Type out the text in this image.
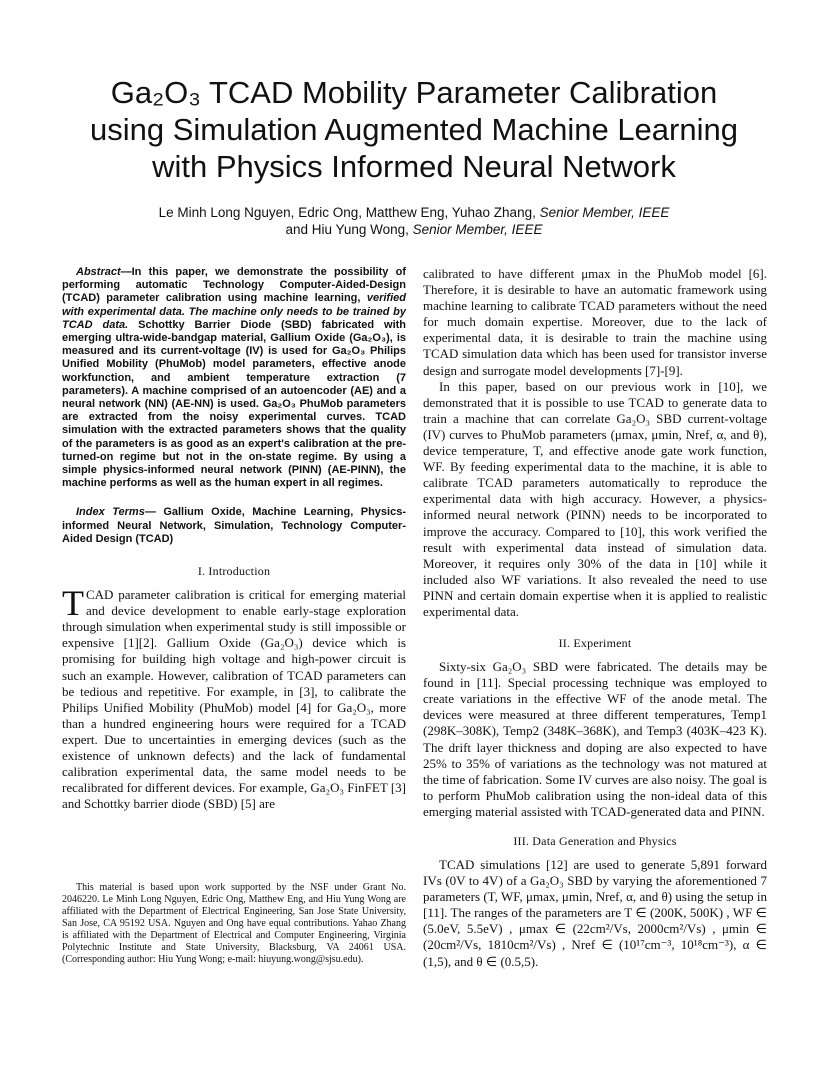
Ga₂O₃ TCAD Mobility Parameter Calibration
using Simulation Augmented Machine Learning
with Physics Informed Neural Network
Le Minh Long Nguyen, Edric Ong, Matthew Eng, Yuhao Zhang, Senior Member, IEEE
and Hiu Yung Wong, Senior Member, IEEE

Abstract—In this paper, we demonstrate the possibility of performing automatic Technology Computer-Aided-Design (TCAD) parameter calibration using machine learning, verified with experimental data. The machine only needs to be trained by TCAD data. Schottky Barrier Diode (SBD) fabricated with emerging ultra-wide-bandgap material, Gallium Oxide (Ga₂O₃), is measured and its current-voltage (IV) is used for Ga₂O₃ Philips Unified Mobility (PhuMob) model parameters, effective anode workfunction, and ambient temperature extraction (7 parameters). A machine comprised of an autoencoder (AE) and a neural network (NN) (AE-NN) is used. Ga₂O₃ PhuMob parameters are extracted from the noisy experimental curves. TCAD simulation with the extracted parameters shows that the quality of the parameters is as good as an expert's calibration at the pre-turned-on regime but not in the on-state regime. By using a simple physics-informed neural network (PINN) (AE-PINN), the machine performs as well as the human expert in all regimes.

Index Terms— Gallium Oxide, Machine Learning, Physics-informed Neural Network, Simulation, Technology Computer-Aided Design (TCAD)

I. Introduction

TCAD parameter calibration is critical for emerging material and device development to enable early-stage exploration through simulation when experimental study is still impossible or expensive [1][2]. Gallium Oxide (Ga₂O₃) device which is promising for building high voltage and high-power circuit is such an example. However, calibration of TCAD parameters can be tedious and repetitive. For example, in [3], to calibrate the Philips Unified Mobility (PhuMob) model [4] for Ga₂O₃, more than a hundred engineering hours were required for a TCAD expert. Due to uncertainties in emerging devices (such as the existence of unknown defects) and the lack of fundamental calibration experimental data, the same model needs to be recalibrated for different devices. For example, Ga₂O₃ FinFET [3] and Schottky barrier diode (SBD) [5] are

This material is based upon work supported by the NSF under Grant No. 2046220. Le Minh Long Nguyen, Edric Ong, Matthew Eng, and Hiu Yung Wong are affiliated with the Department of Electrical Engineering, San Jose State University, San Jose, CA 95192 USA. Nguyen and Ong have equal contributions. Yahao Zhang is affiliated with the Department of Electrical and Computer Engineering, Virginia Polytechnic Institute and State University, Blacksburg, VA 24061 USA. (Corresponding author: Hiu Yung Wong; e-mail: hiuyung.wong@sjsu.edu).

calibrated to have different μmax in the PhuMob model [6]. Therefore, it is desirable to have an automatic framework using machine learning to calibrate TCAD parameters without the need for much domain expertise. Moreover, due to the lack of experimental data, it is desirable to train the machine using TCAD simulation data which has been used for transistor inverse design and surrogate model developments [7]-[9].

In this paper, based on our previous work in [10], we demonstrated that it is possible to use TCAD to generate data to train a machine that can correlate Ga₂O₃ SBD current-voltage (IV) curves to PhuMob parameters (μmax, μmin, Nref, α, and θ), device temperature, T, and effective anode gate work function, WF. By feeding experimental data to the machine, it is able to calibrate TCAD parameters automatically to reproduce the experimental data with high accuracy. However, a physics-informed neural network (PINN) needs to be incorporated to improve the accuracy. Compared to [10], this work verified the result with experimental data instead of simulation data. Moreover, it requires only 30% of the data in [10] while it included also WF variations. It also revealed the need to use PINN and certain domain expertise when it is applied to realistic experimental data.

II. Experiment

Sixty-six Ga₂O₃ SBD were fabricated. The details may be found in [11]. Special processing technique was employed to create variations in the effective WF of the anode metal. The devices were measured at three different temperatures, Temp1 (298K–308K), Temp2 (348K–368K), and Temp3 (403K–423 K). The drift layer thickness and doping are also expected to have 25% to 35% of variations as the technology was not matured at the time of fabrication. Some IV curves are also noisy. The goal is to perform PhuMob calibration using the non-ideal data of this emerging material assisted with TCAD-generated data and PINN.

III. Data Generation and Physics

TCAD simulations [12] are used to generate 5,891 forward IVs (0V to 4V) of a Ga₂O₃ SBD by varying the aforementioned 7 parameters (T, WF, μmax, μmin, Nref, α, and θ) using the setup in [11]. The ranges of the parameters are T ∈ (200K, 500K) , WF ∈ (5.0eV, 5.5eV) , μmax ∈ (22cm²/Vs, 2000cm²/Vs) , μmin ∈ (20cm²/Vs, 1810cm²/Vs) , Nref ∈ (10¹⁷cm⁻³, 10¹⁸cm⁻³), α ∈ (1,5), and θ ∈ (0.5,5).
